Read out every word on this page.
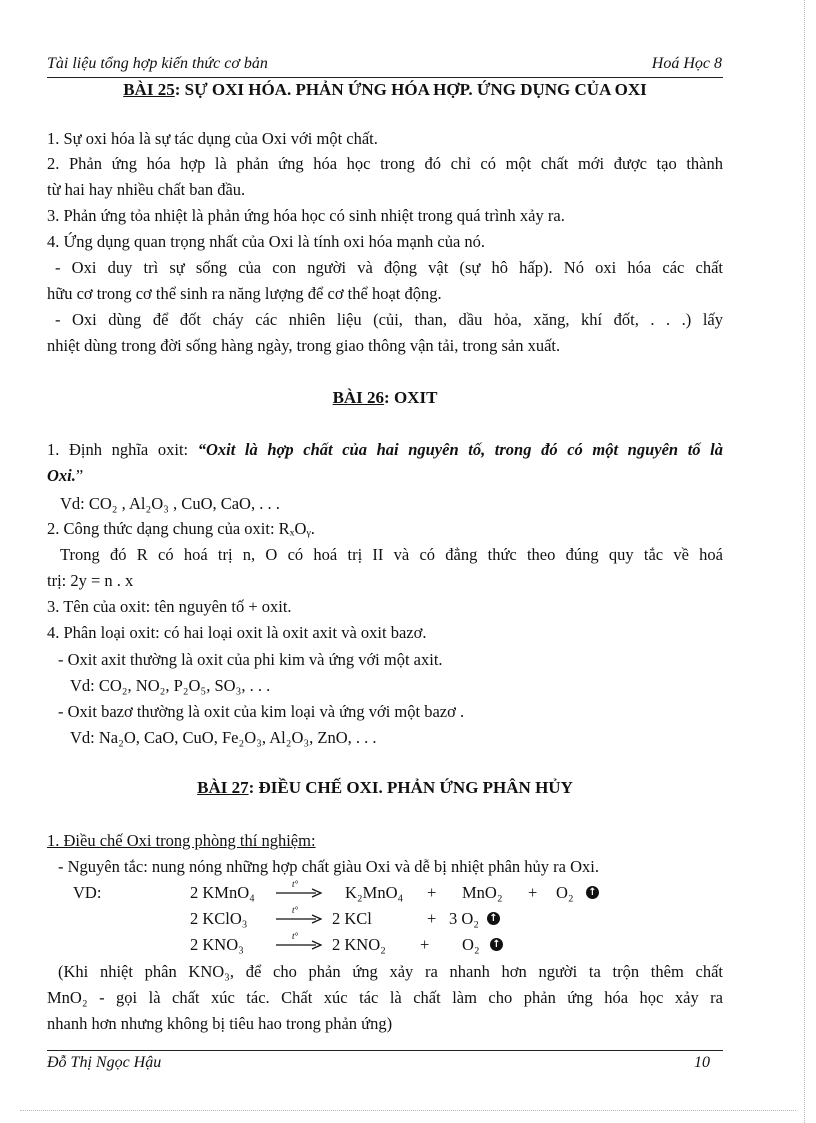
Tài liệu tổng hợp kiến thức cơ bản	Hoá Học 8
BÀI 25: SỰ OXI HÓA. PHẢN ỨNG HÓA HỢP. ỨNG DỤNG CỦA OXI
1. Sự oxi hóa là sự tác dụng của Oxi với một chất.
2. Phản ứng hóa hợp là phản ứng hóa học trong đó chỉ có một chất mới được tạo thành
từ hai hay nhiều chất ban đầu.
3. Phản ứng tỏa nhiệt là phản ứng hóa học có sinh nhiệt trong quá trình xảy ra.
4. Ứng dụng quan trọng nhất của Oxi là tính oxi hóa mạnh của nó.
- Oxi duy trì sự sống của con người và động vật (sự hô hấp). Nó oxi hóa các chất
hữu cơ trong cơ thể sinh ra năng lượng để cơ thể hoạt động.
- Oxi dùng để đốt cháy các nhiên liệu (củi, than, dầu hỏa, xăng, khí đốt, . . .) lấy
nhiệt dùng trong đời sống hàng ngày, trong giao thông vận tải, trong sản xuất.
BÀI 26: OXIT
1. Định nghĩa oxit: “Oxit là hợp chất của hai nguyên tố, trong đó có một nguyên tố là
Oxi.”
Vd: CO₂ , Al₂O₃ , CuO, CaO, . . .
2. Công thức dạng chung của oxit: RₓOᵧ.
Trong đó R có hoá trị n, O có hoá trị II và có đẳng thức theo đúng quy tắc về hoá
trị: 2y = n . x
3. Tên của oxit: tên nguyên tố + oxit.
4. Phân loại oxit: có hai loại oxit là oxit axit và oxit bazơ.
- Oxit axit thường là oxit của phi kim và ứng với một axit.
Vd: CO₂, NO₂, P₂O₅, SO₃, . . .
- Oxit bazơ thường là oxit của kim loại và ứng với một bazơ .
Vd: Na₂O, CaO, CuO, Fe₂O₃, Al₂O₃, ZnO, . . .
BÀI 27: ĐIỀU CHẾ OXI. PHẢN ỨNG PHÂN HỦY
1. Điều chế Oxi trong phòng thí nghiệm:
- Nguyên tắc: nung nóng những hợp chất giàu Oxi và dễ bị nhiệt phân hủy ra Oxi.
VD:	2 KMnO₄	t°	K₂MnO₄ + MnO₂ + O₂ ↑
2 KClO₃	t° 2 KCl	+ 3 O₂ ↑
2 KNO₃	t° 2 KNO₂ + O₂ ↑
(Khi nhiệt phân KNO₃, để cho phản ứng xảy ra nhanh hơn người ta trộn thêm chất
MnO₂ - gọi là chất xúc tác. Chất xúc tác là chất làm cho phản ứng hóa học xảy ra
nhanh hơn nhưng không bị tiêu hao trong phản ứng)
Đỗ Thị Ngọc Hậu	10
